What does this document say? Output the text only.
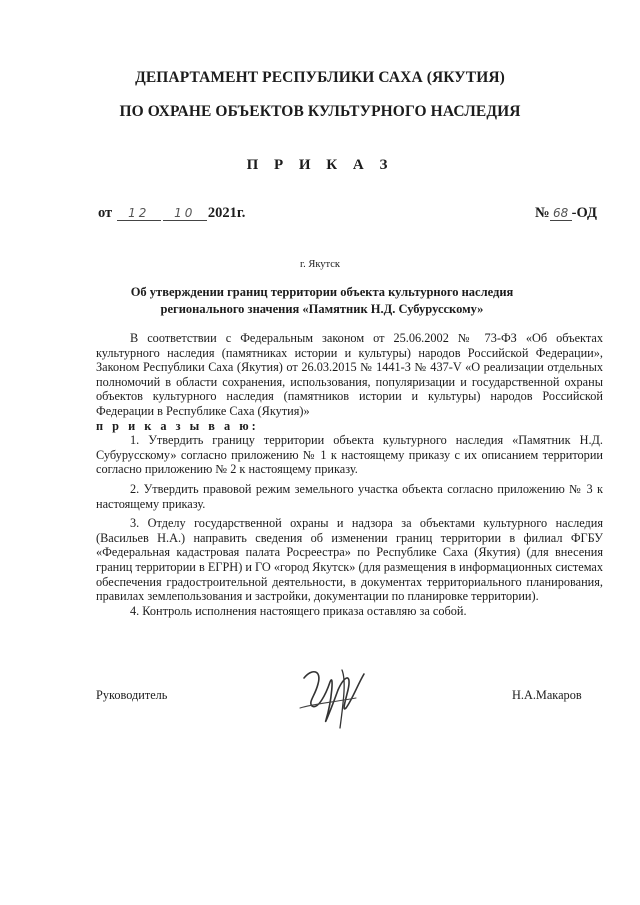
ДЕПАРТАМЕНТ РЕСПУБЛИКИ САХА (ЯКУТИЯ)
ПО ОХРАНЕ ОБЪЕКТОВ КУЛЬТУРНОГО НАСЛЕДИЯ
П Р И К А З
от 12 10 2021г.	№ 68 -ОД
г. Якутск
Об утверждении границ территории объекта культурного наследия регионального значения «Памятник Н.Д. Субурусскому»

В соответствии с Федеральным законом от 25.06.2002 № 73-ФЗ «Об объектах культурного наследия (памятниках истории и культуры) народов Российской Федерации», Законом Республики Саха (Якутия) от 26.03.2015 № 1441-З № 437-V «О реализации отдельных полномочий в области сохранения, использования, популяризации и государственной охраны объектов культурного наследия (памятников истории и культуры) народов Российской Федерации в Республике Саха (Якутия)»

п р и к а з ы в а ю:

1. Утвердить границу территории объекта культурного наследия «Памятник Н.Д. Субурусскому» согласно приложению № 1 к настоящему приказу с их описанием территории согласно приложению № 2 к настоящему приказу.

2. Утвердить правовой режим земельного участка объекта согласно приложению № 3 к настоящему приказу.

3. Отделу государственной охраны и надзора за объектами культурного наследия (Васильев Н.А.) направить сведения об изменении границ территории в филиал ФГБУ «Федеральная кадастровая палата Росреестра» по Республике Саха (Якутия) (для внесения границ территории в ЕГРН) и ГО «город Якутск» (для размещения в информационных системах обеспечения градостроительной деятельности, в документах территориального планирования, правилах землепользования и застройки, документации по планировке территории).

4. Контроль исполнения настоящего приказа оставляю за собой.

Руководитель	Н.А.Макаров
